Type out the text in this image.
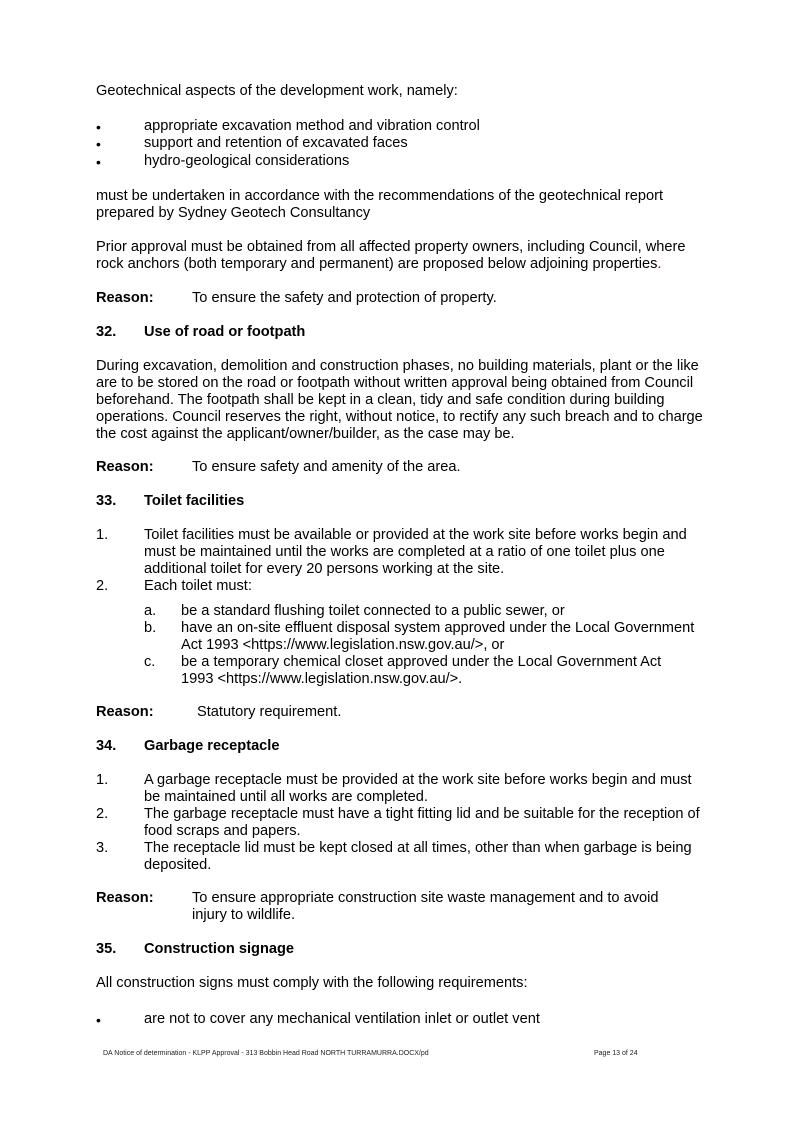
Geotechnical aspects of the development work, namely:
•	appropriate excavation method and vibration control
•	support and retention of excavated faces
•	hydro-geological considerations
must be undertaken in accordance with the recommendations of the geotechnical report prepared by Sydney Geotech Consultancy
Prior approval must be obtained from all affected property owners, including Council, where rock anchors (both temporary and permanent) are proposed below adjoining properties.
Reason:	To ensure the safety and protection of property.
32. Use of road or footpath
During excavation, demolition and construction phases, no building materials, plant or the like are to be stored on the road or footpath without written approval being obtained from Council beforehand. The footpath shall be kept in a clean, tidy and safe condition during building operations. Council reserves the right, without notice, to rectify any such breach and to charge the cost against the applicant/owner/builder, as the case may be.
Reason:	To ensure safety and amenity of the area.
33. Toilet facilities
1. Toilet facilities must be available or provided at the work site before works begin and must be maintained until the works are completed at a ratio of one toilet plus one additional toilet for every 20 persons working at the site.
2. Each toilet must:
a. be a standard flushing toilet connected to a public sewer, or
b. have an on-site effluent disposal system approved under the Local Government Act 1993 <https://www.legislation.nsw.gov.au/>, or
c. be a temporary chemical closet approved under the Local Government Act 1993 <https://www.legislation.nsw.gov.au/>.
Reason:	Statutory requirement.
34. Garbage receptacle
1. A garbage receptacle must be provided at the work site before works begin and must be maintained until all works are completed.
2. The garbage receptacle must have a tight fitting lid and be suitable for the reception of food scraps and papers.
3. The receptacle lid must be kept closed at all times, other than when garbage is being deposited.
Reason:	To ensure appropriate construction site waste management and to avoid injury to wildlife.
35. Construction signage
All construction signs must comply with the following requirements:
•	are not to cover any mechanical ventilation inlet or outlet vent
DA Notice of determination - KLPP Approval - 313 Bobbin Head Road NORTH TURRAMURRA.DOCX/pd	Page 13 of 24
